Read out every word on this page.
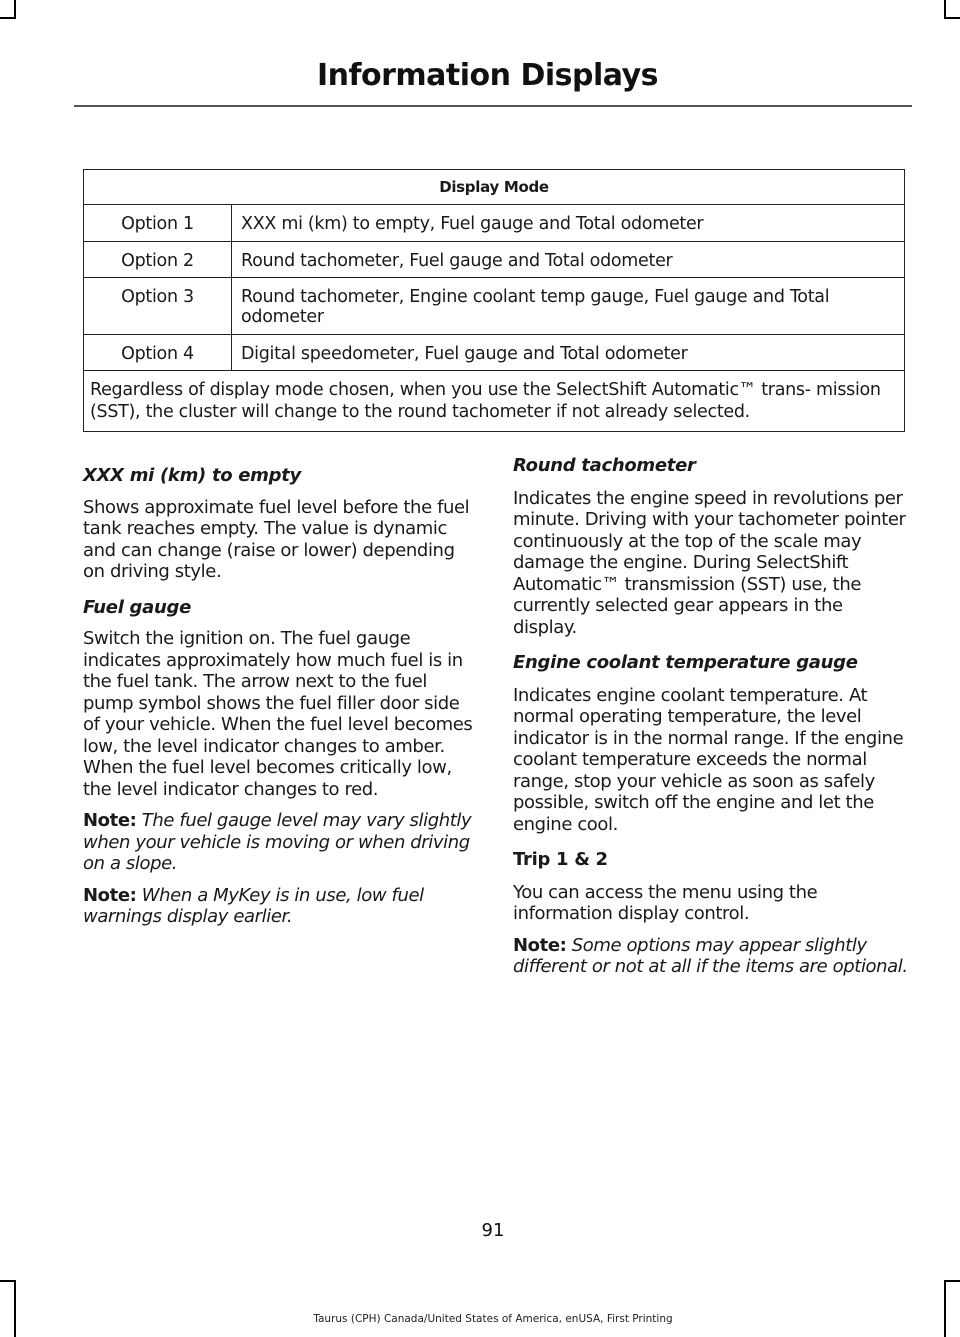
Information Displays
Display Mode	
Option 1	XXX mi (km) to empty, Fuel gauge and Total odometer
Option 2	Round tachometer, Fuel gauge and Total odometer
Option 3	Round tachometer, Engine coolant temp gauge, Fuel gauge and Total odometer
Option 4	Digital speedometer, Fuel gauge and Total odometer
Regardless of display mode chosen, when you use the SelectShift Automatic™ trans- mission (SST), the cluster will change to the round tachometer if not already selected.	
XXX mi (km) to empty

Shows approximate fuel level before the fuel tank reaches empty. The value is dynamic and can change (raise or lower) depending on driving style.

Fuel gauge

Switch the ignition on. The fuel gauge indicates approximately how much fuel is in the fuel tank. The arrow next to the fuel pump symbol shows the fuel filler door side of your vehicle. When the fuel level becomes low, the level indicator changes to amber. When the fuel level becomes critically low, the level indicator changes to red.

Note: The fuel gauge level may vary slightly when your vehicle is moving or when driving on a slope.

Note: When a MyKey is in use, low fuel warnings display earlier.

Round tachometer

Indicates the engine speed in revolutions per minute. Driving with your tachometer pointer continuously at the top of the scale may damage the engine. During SelectShift Automatic™ transmission (SST) use, the currently selected gear appears in the display.

Engine coolant temperature gauge

Indicates engine coolant temperature. At normal operating temperature, the level indicator is in the normal range. If the engine coolant temperature exceeds the normal range, stop your vehicle as soon as safely possible, switch off the engine and let the engine cool.

Trip 1 & 2

You can access the menu using the information display control.

Note: Some options may appear slightly different or not at all if the items are optional.

91
Taurus (CPH) Canada/United States of America, enUSA, First Printing
